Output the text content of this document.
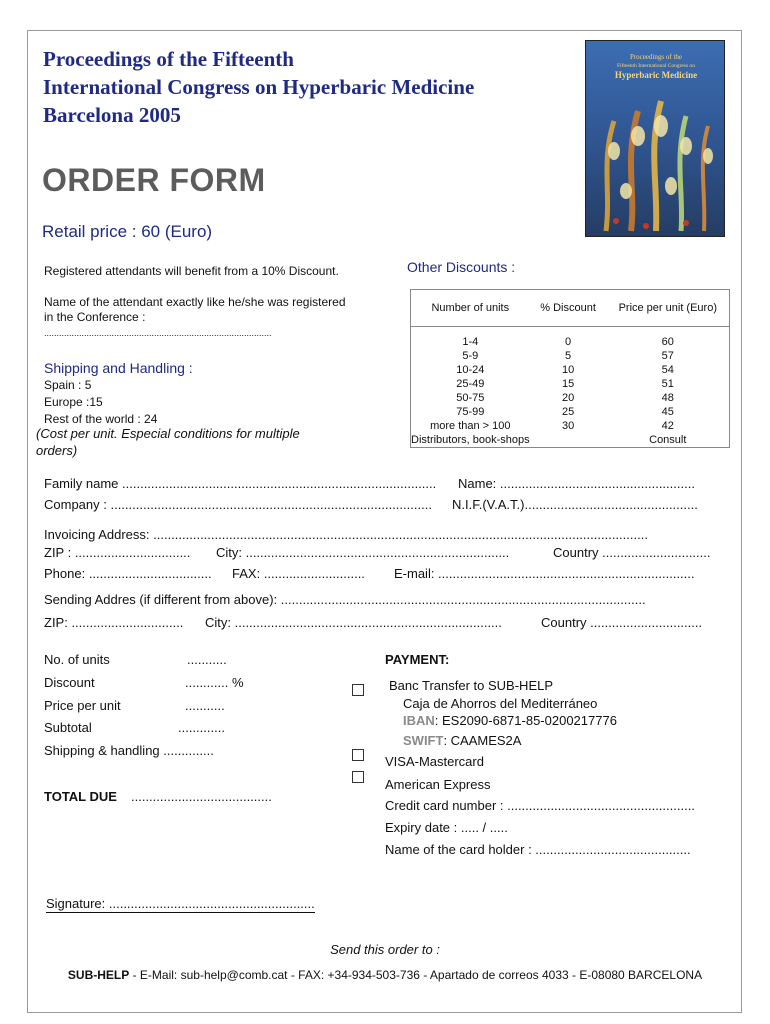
Proceedings of the Fifteenth
International Congress on Hyperbaric Medicine
Barcelona 2005
Proceedings of the
Fifteenth International Congress on
Hyperbaric Medicine
ORDER FORM
Retail price : 60 (Euro)
Registered attendants will benefit from a 10% Discount.
Name of the attendant exactly like he/she was registered
in the Conference :
...........................................................................................
Shipping and Handling :
Spain : 5
Europe :15
Rest of the world : 24
(Cost per unit. Especial conditions for multiple
orders)
Other Discounts :
Number of units	% Discount	Price per unit (Euro)

1-4	0	60
5-9	5	57
10-24	10	54
25-49	15	51
50-75	20	48
75-99	25	45
more than > 100	30	42
Distributors, book-shops		Consult
Family name ....................................................................................... Name: ......................................................
Company : ......................................................................................... N.I.F.(V.A.T.)................................................
Invoicing Address: .........................................................................................................................................
ZIP : ................................ City: .........................................................................	Country ..............................
Phone: .................................. FAX: ............................ E-mail: .......................................................................
Sending Addres (if different from above): .....................................................................................................
ZIP: ............................... City: ..........................................................................	Country ...............................
No. of units	...........
Discount	............ %
Price per unit	...........
Subtotal	.............
Shipping & handling ..............
TOTAL DUE .......................................
PAYMENT:
Banc Transfer to SUB-HELP
Caja de Ahorros del Mediterráneo
IBAN: ES2090-6871-85-0200217776
SWIFT: CAAMES2A
VISA-Mastercard
American Express
Credit card number : ....................................................
Expiry date : ..... / .....
Name of the card holder : ...........................................
Signature: .........................................................
Send this order to :
SUB-HELP - E-Mail: sub-help@comb.cat - FAX: +34-934-503-736 - Apartado de correos 4033 - E-08080 BARCELONA
